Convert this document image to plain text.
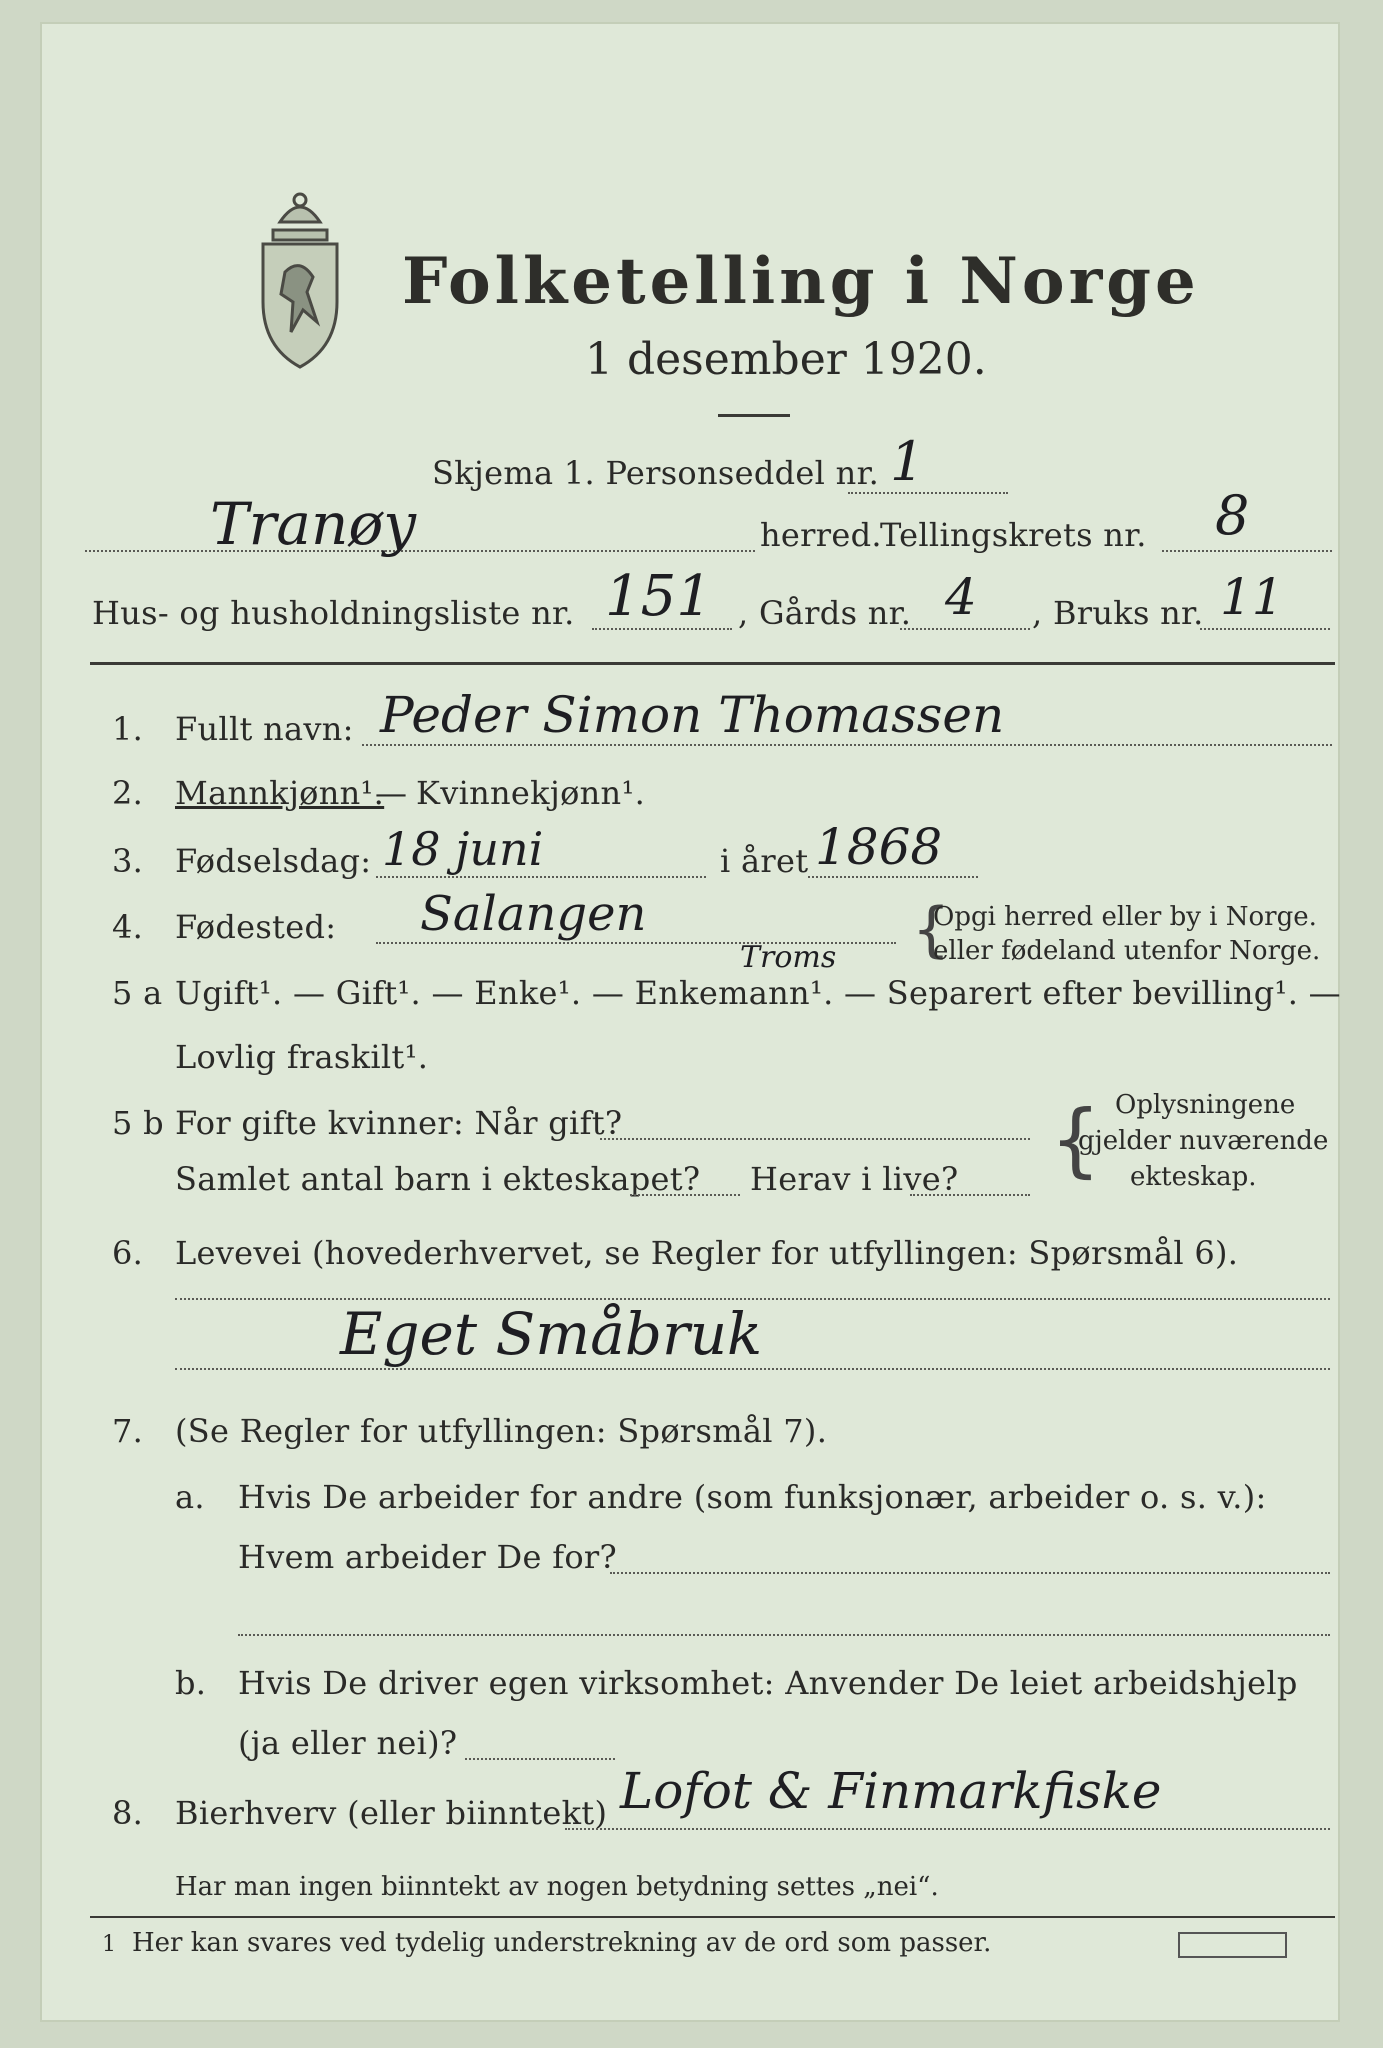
Folketelling i Norge
1 desember 1920.
Skjema 1. Personseddel nr. 1
Tranøy	herred.
Tellingskrets nr. 8
Hus- og husholdningsliste nr. 151 , Gårds nr. 4 , Bruks nr. 11
1. Fullt navn: Peder Simon Thomassen
2. Mannkjønn¹.
— Kvinnekjønn¹.
3. Fødselsdag: 18 juni	i året 1868
4. Fødested: Salangen
Troms {
Opgi herred eller by i Norge.
eller fødeland utenfor Norge.
5 a Ugift¹. — Gift¹. — Enke¹. — Enkemann¹. — Separert efter bevilling¹. —
Lovlig fraskilt¹.
5 b For gifte kvinner: Når gift?
Samlet antal barn i ekteskapet? Herav i live? { Oplysningene
gjelder nuværende
ekteskap.
6. Levevei (hovederhvervet, se Regler for utfyllingen: Spørsmål 6).
Eget Småbruk
7. (Se Regler for utfyllingen: Spørsmål 7).
a. Hvis De arbeider for andre (som funksjonær, arbeider o. s. v.):
Hvem arbeider De for?
b. Hvis De driver egen virksomhet: Anvender De leiet arbeidshjelp
(ja eller nei)?
8. Bierhverv (eller biinntekt) Lofot & Finmarkfiske
Har man ingen biinntekt av nogen betydning settes „nei“.
1 Her kan svares ved tydelig understrekning av de ord som passer.
